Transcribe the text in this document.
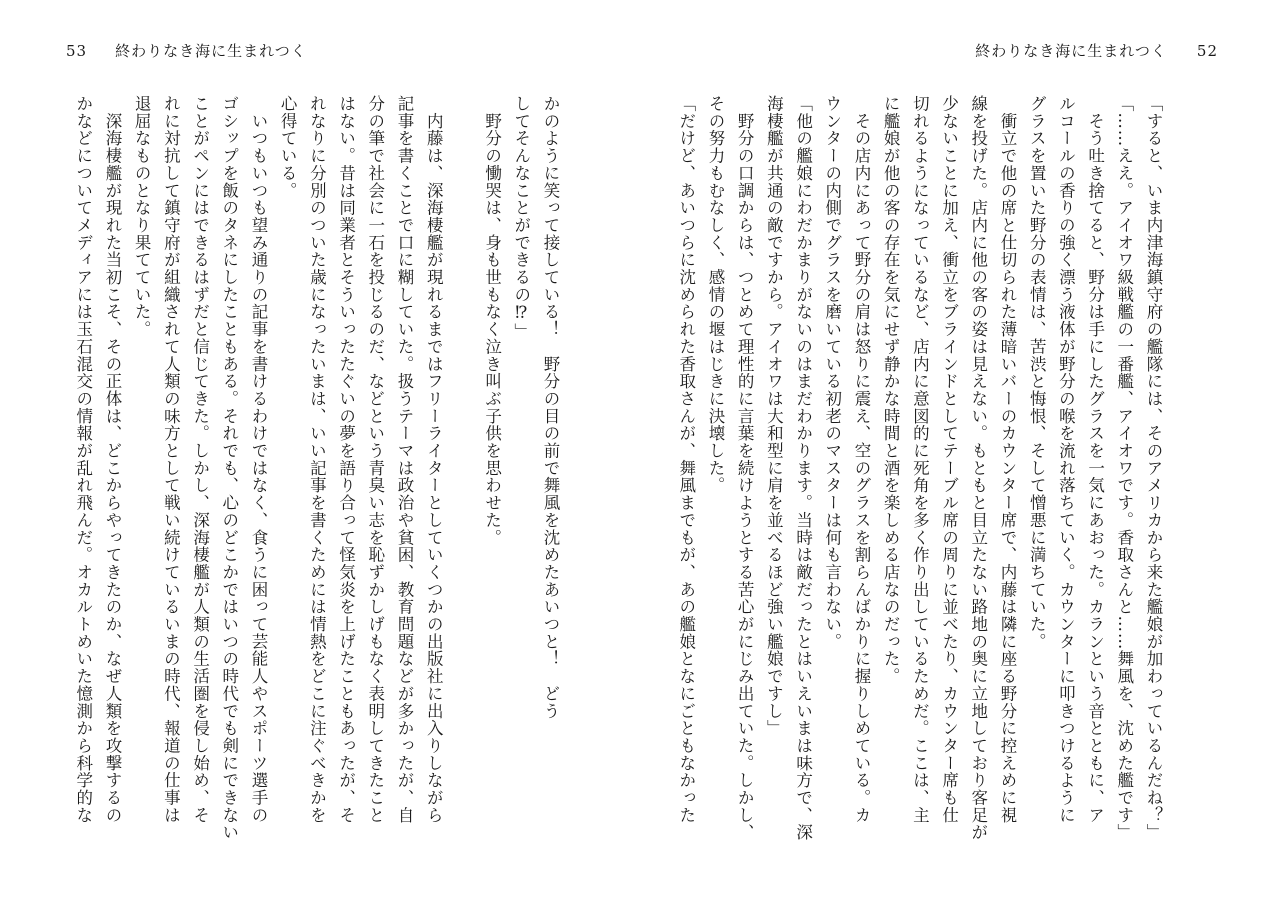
終わりなき海に生まれつく 52
「すると、いま内津海鎮守府の艦隊には、そのアメリカから来た艦娘が加わっているんだね？」
「……ええ。アイオワ級戦艦の一番艦、アイオワです。香取さんと……舞風を、沈めた艦です」
　そう吐き捨てると、野分は手にしたグラスを一気にあおった。カランという音とともに、ア
ルコールの香りの強く漂う液体が野分の喉を流れ落ちていく。カウンターに叩きつけるように
グラスを置いた野分の表情は、苦渋と悔恨、そして憎悪に満ちていた。
　衝立で他の席と仕切られた薄暗いバーのカウンター席で、内藤は隣に座る野分に控えめに視
線を投げた。店内に他の客の姿は見えない。もともと目立たない路地の奥に立地しており客足が
少ないことに加え、衝立をブラインドとしてテーブル席の周りに並べたり、カウンター席も仕
切れるようになっているなど、店内に意図的に死角を多く作り出しているためだ。ここは、主
に艦娘が他の客の存在を気にせず静かな時間と酒を楽しめる店なのだった。
　その店内にあって野分の肩は怒りに震え、空のグラスを割らんばかりに握りしめている。カ
ウンターの内側でグラスを磨いている初老のマスターは何も言わない。
「他の艦娘にわだかまりがないのはまだわかります。当時は敵だったとはいえいまは味方で、深
海棲艦が共通の敵ですから。アイオワは大和型に肩を並べるほど強い艦娘ですし」
　野分の口調からは、つとめて理性的に言葉を続けようとする苦心がにじみ出ていた。しかし、
その努力もむなしく、感情の堰はじきに決壊した。
「だけど、あいつらに沈められた香取さんが、舞風までもが、あの艦娘となにごともなかった
53 終わりなき海に生まれつく
かのように笑って接している！　野分の目の前で舞風を沈めたあいつと！　どう
してそんなことができるの⁉」
　野分の慟哭は、身も世もなく泣き叫ぶ子供を思わせた。

　内藤は、深海棲艦が現れるまではフリーライターとしていくつかの出版社に出入りしながら
記事を書くことで口に糊していた。扱うテーマは政治や貧困、教育問題などが多かったが、自
分の筆で社会に一石を投じるのだ、などという青臭い志を恥ずかしげもなく表明してきたこと
はない。昔は同業者とそういったたぐいの夢を語り合って怪気炎を上げたこともあったが、そ
れなりに分別のついた歳になったいまは、いい記事を書くためには情熱をどこに注ぐべきかを
心得ている。
　いつもいつも望み通りの記事を書けるわけではなく、食うに困って芸能人やスポーツ選手の
ゴシップを飯のタネにしたこともある。それでも、心のどこかではいつの時代でも剣にできない
ことがペンにはできるはずだと信じてきた。しかし、深海棲艦が人類の生活圏を侵し始め、そ
れに対抗して鎮守府が組織されて人類の味方として戦い続けているいまの時代、報道の仕事は
退屈なものとなり果てていた。
　深海棲艦が現れた当初こそ、その正体は、どこからやってきたのか、なぜ人類を攻撃するの
かなどについてメディアには玉石混交の情報が乱れ飛んだ。オカルトめいた憶測から科学的な
